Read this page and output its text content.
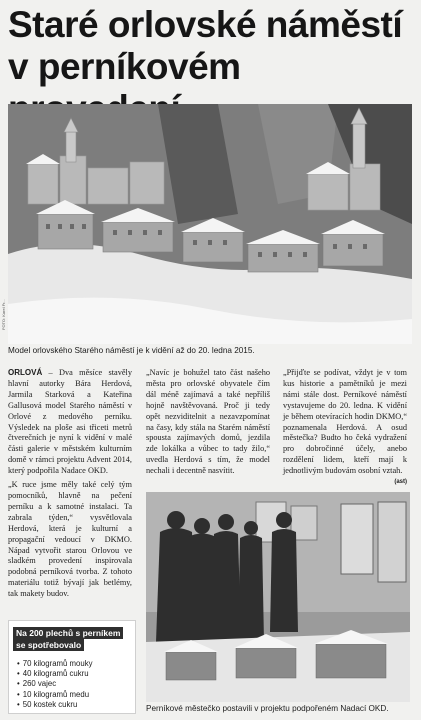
Staré orlovské náměstí
v perníkovém
FOTO: Karel Fr...
Model orlovského Starého náměstí je k vidění až do 20. ledna 2015.

ORLOVÁ – Dva měsíce stavěly hlavní autorky Bára Herdová, Jarmila Starková a Kateřina Gallusová model Starého náměstí v Orlové z medového perníku. Výsledek na ploše asi třiceti metrů čtverečních je nyní k vidění v malé části galerie v městském kulturním domě v rámci projektu Advent 2014, který podpořila Nadace OKD.

„K ruce jsme měly také celý tým pomocníků, hlavně na pečení perníku a k samotné instalaci. Ta zabrala týden,“ vysvětlovala Herdová, která je kulturní a propagační vedoucí v DKMO. Nápad vytvořit starou Orlovou ve sladkém provedení inspirovala podobná perníková tvorba. Z tohoto materiálu totiž bývají jak betlémy, tak makety budov.

„Navíc je bohužel tato část našeho města pro orlovské obyvatele čím dál méně zajímavá a také nepříliš hojně navštěvovaná. Proč ji tedy opět nezviditelnit a nezavzpomínat na časy, kdy stála na Starém náměstí spousta zajímavých domů, jezdila zde lokálka a vůbec to tady žilo,“ uvedla Herdová s tím, že model nechali i decentně nasvítit.

„Přijďte se podívat, vždyt je v tom kus historie a pamětníků je mezi námi stále dost. Perníkové náměstí vystavujeme do 20. ledna. K vidění je během otevíracích hodin DKMO,“ poznamenala Herdová. A osud městečka? Budto ho čeká vydražení pro dobročinné účely, anebo rozdělení lidem, kteří mají k jednotlivým budovám osobní vztah.
(ast)

Perníkové městečko postavili v projektu podpořeném Nadací OKD.
Na 200 plechů s perníkem
se spotřebovalo
• 70 kilogramů mouky
• 40 kilogramů cukru
• 260 vajec
• 10 kilogramů medu
• 50 kostek cukru
